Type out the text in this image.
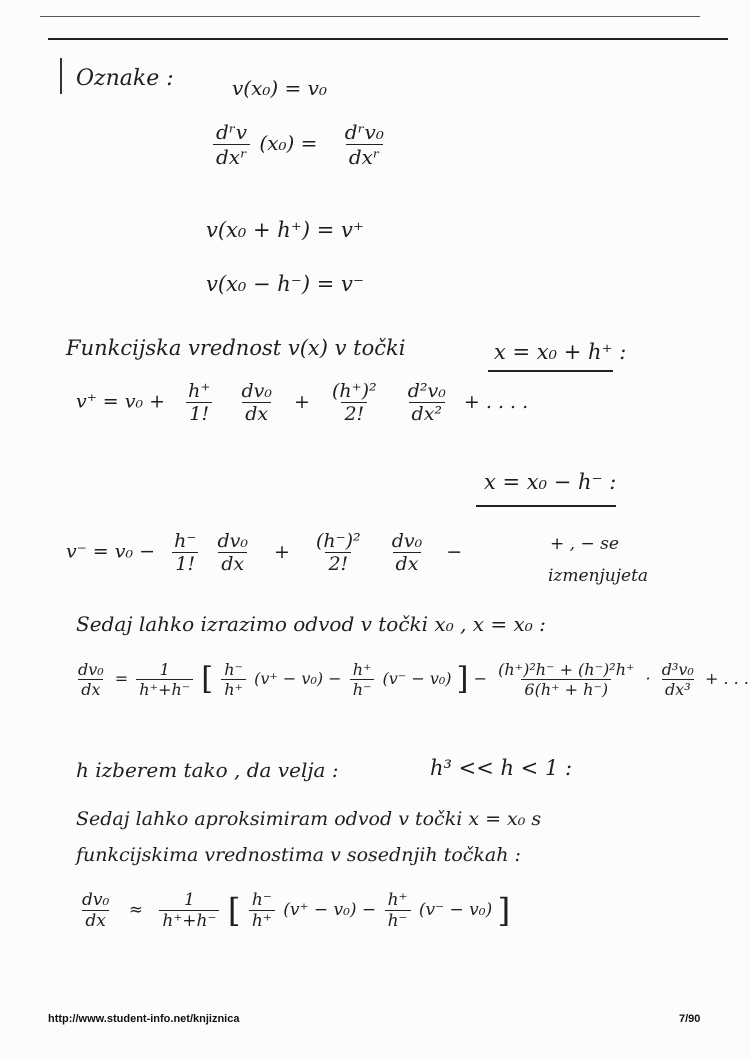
Oznake :	v(x₀) = v₀
$\frac{\text{dʳv}}{\text{dxʳ}} (x_0) = \frac{\text{dʳv₀}}{\text{dxʳ}}$
v(x₀ + h⁺) = v⁺
v(x₀ − h⁻) = v⁻
Funkcijska vrednost v(x) v točki	x = x₀ + h⁺ :
$v^+ = v_0 + \frac{h^+}{1!}$
$\frac{\text{dv₀}}{dx} + \frac{\text{(h⁺)²}}{2!}$
$\frac{\text{d²v₀}}{\text{dx²}}$ + . . . .
x = x₀ − h⁻ :
$v^- = v_0 - \frac{h^-}{1!}$
$\frac{\text{dv₀}}{dx} + \frac{\text{(h⁻)²}}{2!}$
$\frac{\text{dv₀}}{dx}$ −	+ , − se
izmenjujeta
Sedaj lahko izrazimo odvod v točki x₀ , x = x₀ :
$\frac{\text{dv₀}}{dx} = \frac{1}{h^++h^-}$ [ $\frac{h^-}{h^+} (v^+ - v_0) - \frac{h^+}{h^-} (v^- - v_0)$ ] − $\frac{\text{(h⁺)²h⁻ + (h⁻)²h⁺}}{6(h^+ + h^-)} \cdot \frac{\text{d³v₀}}{\text{dx³}}$ + . . .
h izberem tako , da velja :	h³ << h < 1 :
Sedaj lahko aproksimiram odvod v točki x = x₀ s
funkcijskima vrednostima v sosednjih točkah :
$\frac{\text{dv₀}}{dx} \approx \frac{1}{h^++h^-}$ [ $\frac{h^-}{h^+} (v^+ - v_0) - \frac{h^+}{h^-} (v^- - v_0)$ ]
http://www.student-info.net/knjiznica	7/90
